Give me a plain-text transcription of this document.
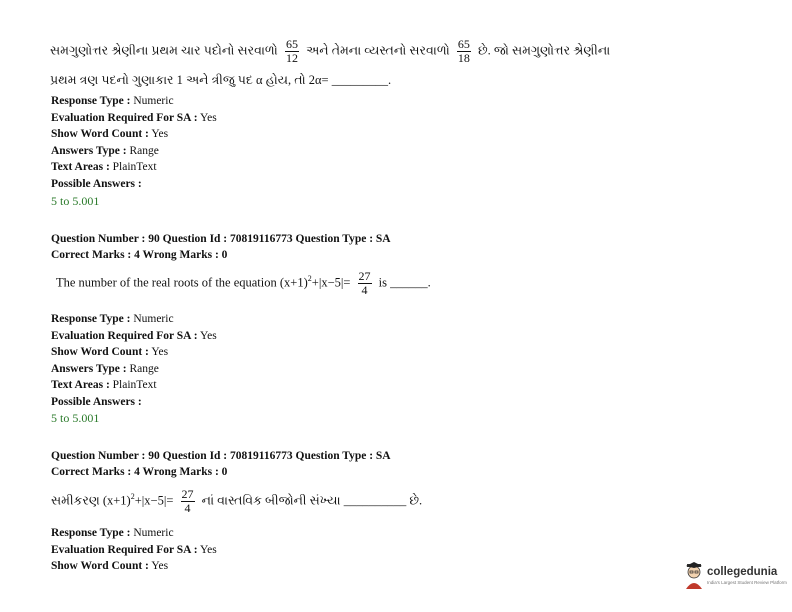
સમગુણોત્તર શ્રેણીના પ્રથમ ચાર પદોનો સરવાળો $\frac{65}{12}$ અને તેમના વ્યસ્તનો સરવાળો $\frac{65}{18}$ છે. જો સમગુણોત્તર શ્રેણીના
પ્રથમ ત્રણ પદનો ગુણાકાર 1 અને ત્રીજુ પદ α હોય, તો 2α= _________.
Response Type : Numeric
Evaluation Required For SA : Yes
Show Word Count : Yes
Answers Type : Range
Text Areas : PlainText
Possible Answers :
5 to 5.001
Question Number : 90 Question Id : 70819116773 Question Type : SA
Correct Marks : 4 Wrong Marks : 0
The number of the real roots of the equation $(x+1)^2+|x-5|= \frac{27}{4}$ is ______.
Response Type : Numeric
Evaluation Required For SA : Yes
Show Word Count : Yes
Answers Type : Range
Text Areas : PlainText
Possible Answers :
5 to 5.001
Question Number : 90 Question Id : 70819116773 Question Type : SA
Correct Marks : 4 Wrong Marks : 0
સમીકરણ $(x+1)^2+|x-5|= \frac{27}{4}$ નાં વાસ્તવિક બીજોની સંખ્યા __________ છે.
Response Type : Numeric
Evaluation Required For SA : Yes
Show Word Count : Yes	collegedunia
India's Largest Student Review Platform
